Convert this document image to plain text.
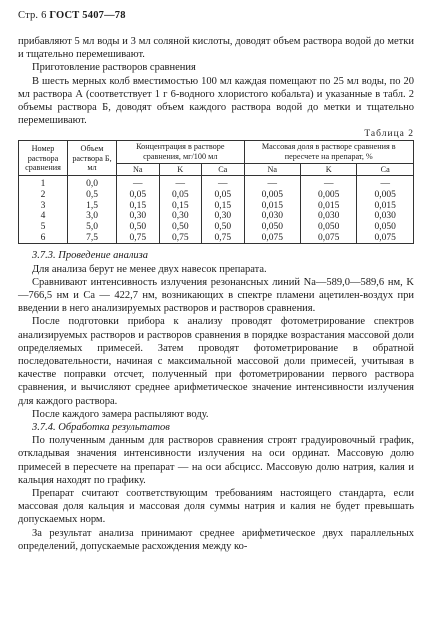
Стр. 6 ГОСТ 5407—78

прибавляют 5 мл воды и 3 мл соляной кислоты, доводят объем раствора водой до метки и тщательно перемешивают.

Приготовление растворов сравнения

В шесть мерных колб вместимостью 100 мл каждая помещают по 25 мл воды, по 20 мл раствора А (соответствует 1 г 6-водного хлористого кобальта) и указанные в табл. 2 объемы раствора Б, доводят объем каждого раствора водой до метки и тщательно перемешивают.

Таблица 2
Номер раствора сравнения	Объем раствора Б, мл	Концентрация в растворе сравнения, мг/100 мл			Массовая доля в растворе сравнения в пересчете на препарат, %		
		Na	K	Ca	Na	K	Ca
1	0,0	—	—	—	—	—	—
2	0,5	0,05	0,05	0,05	0,005	0,005	0,005
3	1,5	0,15	0,15	0,15	0,015	0,015	0,015
4	3,0	0,30	0,30	0,30	0,030	0,030	0,030
5	5,0	0,50	0,50	0,50	0,050	0,050	0,050
6	7,5	0,75	0,75	0,75	0,075	0,075	0,075

3.7.3. Проведение анализа

Для анализа берут не менее двух навесок препарата.

Сравнивают интенсивность излучения резонансных линий Na—589,0—589,6 нм, K—766,5 нм и Ca — 422,7 нм, возникающих в спектре пламени ацетилен-воздух при введении в него анализируемых растворов и растворов сравнения.

После подготовки прибора к анализу проводят фотометрирование спектров анализируемых растворов и растворов сравнения в порядке возрастания массовой доли определяемых примесей. Затем проводят фотометрирование в обратной последовательности, начиная с максимальной массовой доли примесей, учитывая в качестве поправки отсчет, полученный при фотометрировании первого раствора сравнения, и вычисляют среднее арифметическое значение интенсивности излучения для каждого раствора.

После каждого замера распыляют воду.

3.7.4. Обработка результатов

По полученным данным для растворов сравнения строят градуировочный график, откладывая значения интенсивности излучения на оси ординат. Массовую долю примесей в пересчете на препарат — на оси абсцисс. Массовую долю натрия, калия и кальция находят по графику.

Препарат считают соответствующим требованиям настоящего стандарта, если массовая доля кальция и массовая доля суммы натрия и калия не будет превышать допускаемых норм.

За результат анализа принимают среднее арифметическое двух параллельных определений, допускаемые расхождения между ко-
